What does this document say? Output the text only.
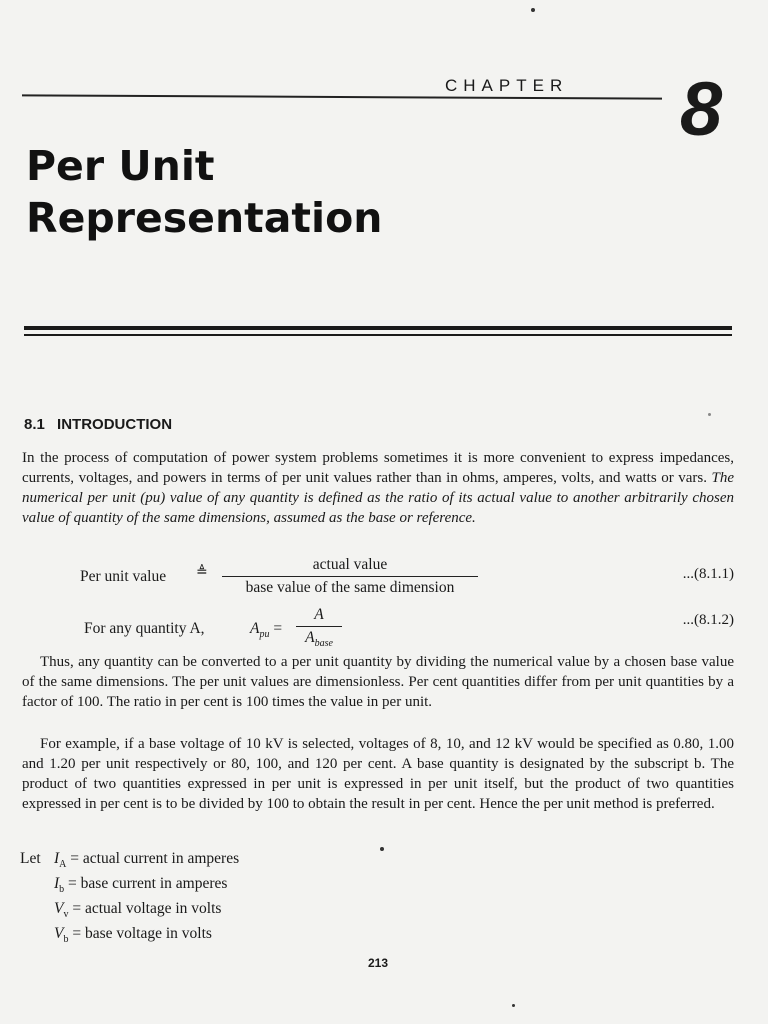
CHAPTER 8
Per Unit
Representation
8.1 INTRODUCTION
In the process of computation of power system problems sometimes it is more convenient to express impedances, currents, voltages, and powers in terms of per unit values rather than in ohms, amperes, volts, and watts or vars. The numerical per unit (pu) value of any quantity is defined as the ratio of its actual value to another arbitrarily chosen value of quantity of the same dimensions, assumed as the base or reference.
Per unit value ≜	actual value
base value of the same dimension
...(8.1.1)
For any quantity A,	$A_{pu}$ =
A
$A_{base}$
...(8.1.2)
Thus, any quantity can be converted to a per unit quantity by dividing the numerical value by a chosen base value of the same dimensions. The per unit values are dimensionless. Per cent quantities differ from per unit quantities by a factor of 100. The ratio in per cent is 100 times the value in per unit.
For example, if a base voltage of 10 kV is selected, voltages of 8, 10, and 12 kV would be specified as 0.80, 1.00 and 1.20 per unit respectively or 80, 100, and 120 per cent. A base quantity is designated by the subscript b. The product of two quantities expressed in per unit is expressed in per unit itself, but the product of two quantities expressed in per cent is to be divided by 100 to obtain the result in per cent. Hence the per unit method is preferred.
Let $I_A$ = actual current in amperes
$I_b$ = base current in amperes
$V_v$ = actual voltage in volts
$V_b$ = base voltage in volts
213
